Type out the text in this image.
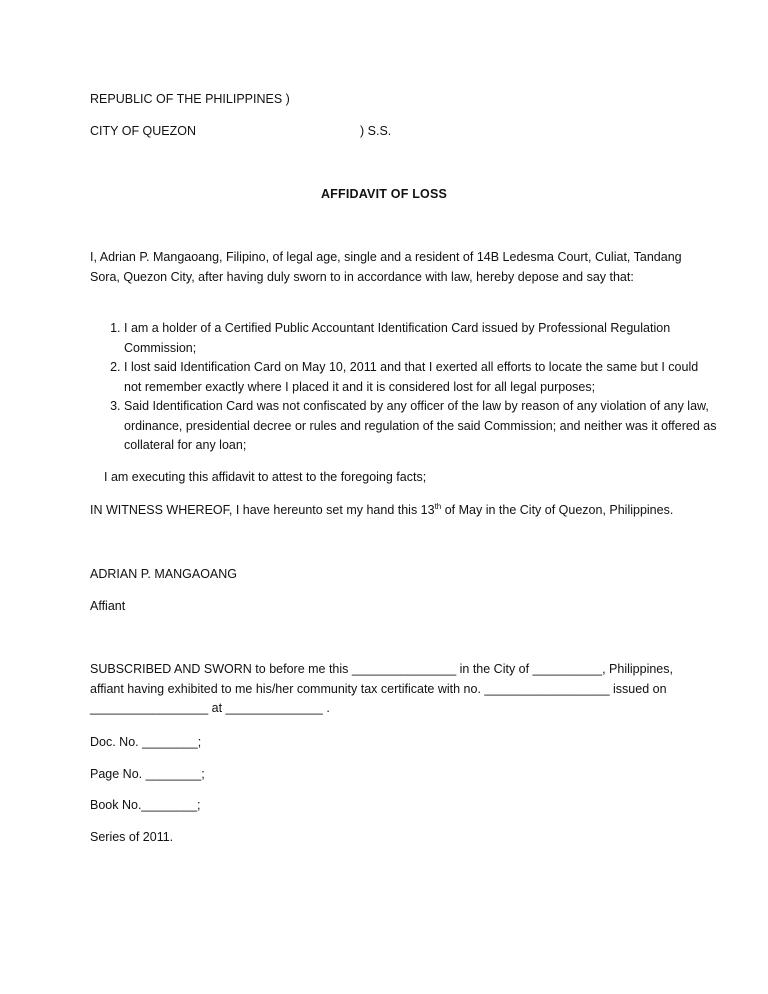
REPUBLIC OF THE PHILIPPINES )
CITY OF QUEZON	) S.S.
AFFIDAVIT OF LOSS
I, Adrian P. Mangaoang, Filipino, of legal age, single and a resident of 14B Ledesma Court, Culiat, Tandang Sora, Quezon City, after having duly sworn to in accordance with law, hereby depose and say that:
1. I am a holder of a Certified Public Accountant Identification Card issued by Professional Regulation Commission;
2. I lost said Identification Card on May 10, 2011 and that I exerted all efforts to locate the same but I could not remember exactly where I placed it and it is considered lost for all legal purposes;
3. Said Identification Card was not confiscated by any officer of the law by reason of any violation of any law, ordinance, presidential decree or rules and regulation of the said Commission; and neither was it offered as collateral for any loan;
I am executing this affidavit to attest to the foregoing facts;
IN WITNESS WHEREOF, I have hereunto set my hand this 13th of May in the City of Quezon, Philippines.
ADRIAN P. MANGAOANG
Affiant
SUBSCRIBED AND SWORN to before me this _______________ in the City of __________, Philippines, affiant having exhibited to me his/her community tax certificate with no. __________________ issued on _________________ at ______________ .
Doc. No. ________;
Page No. ________;
Book No.________;
Series of 2011.
